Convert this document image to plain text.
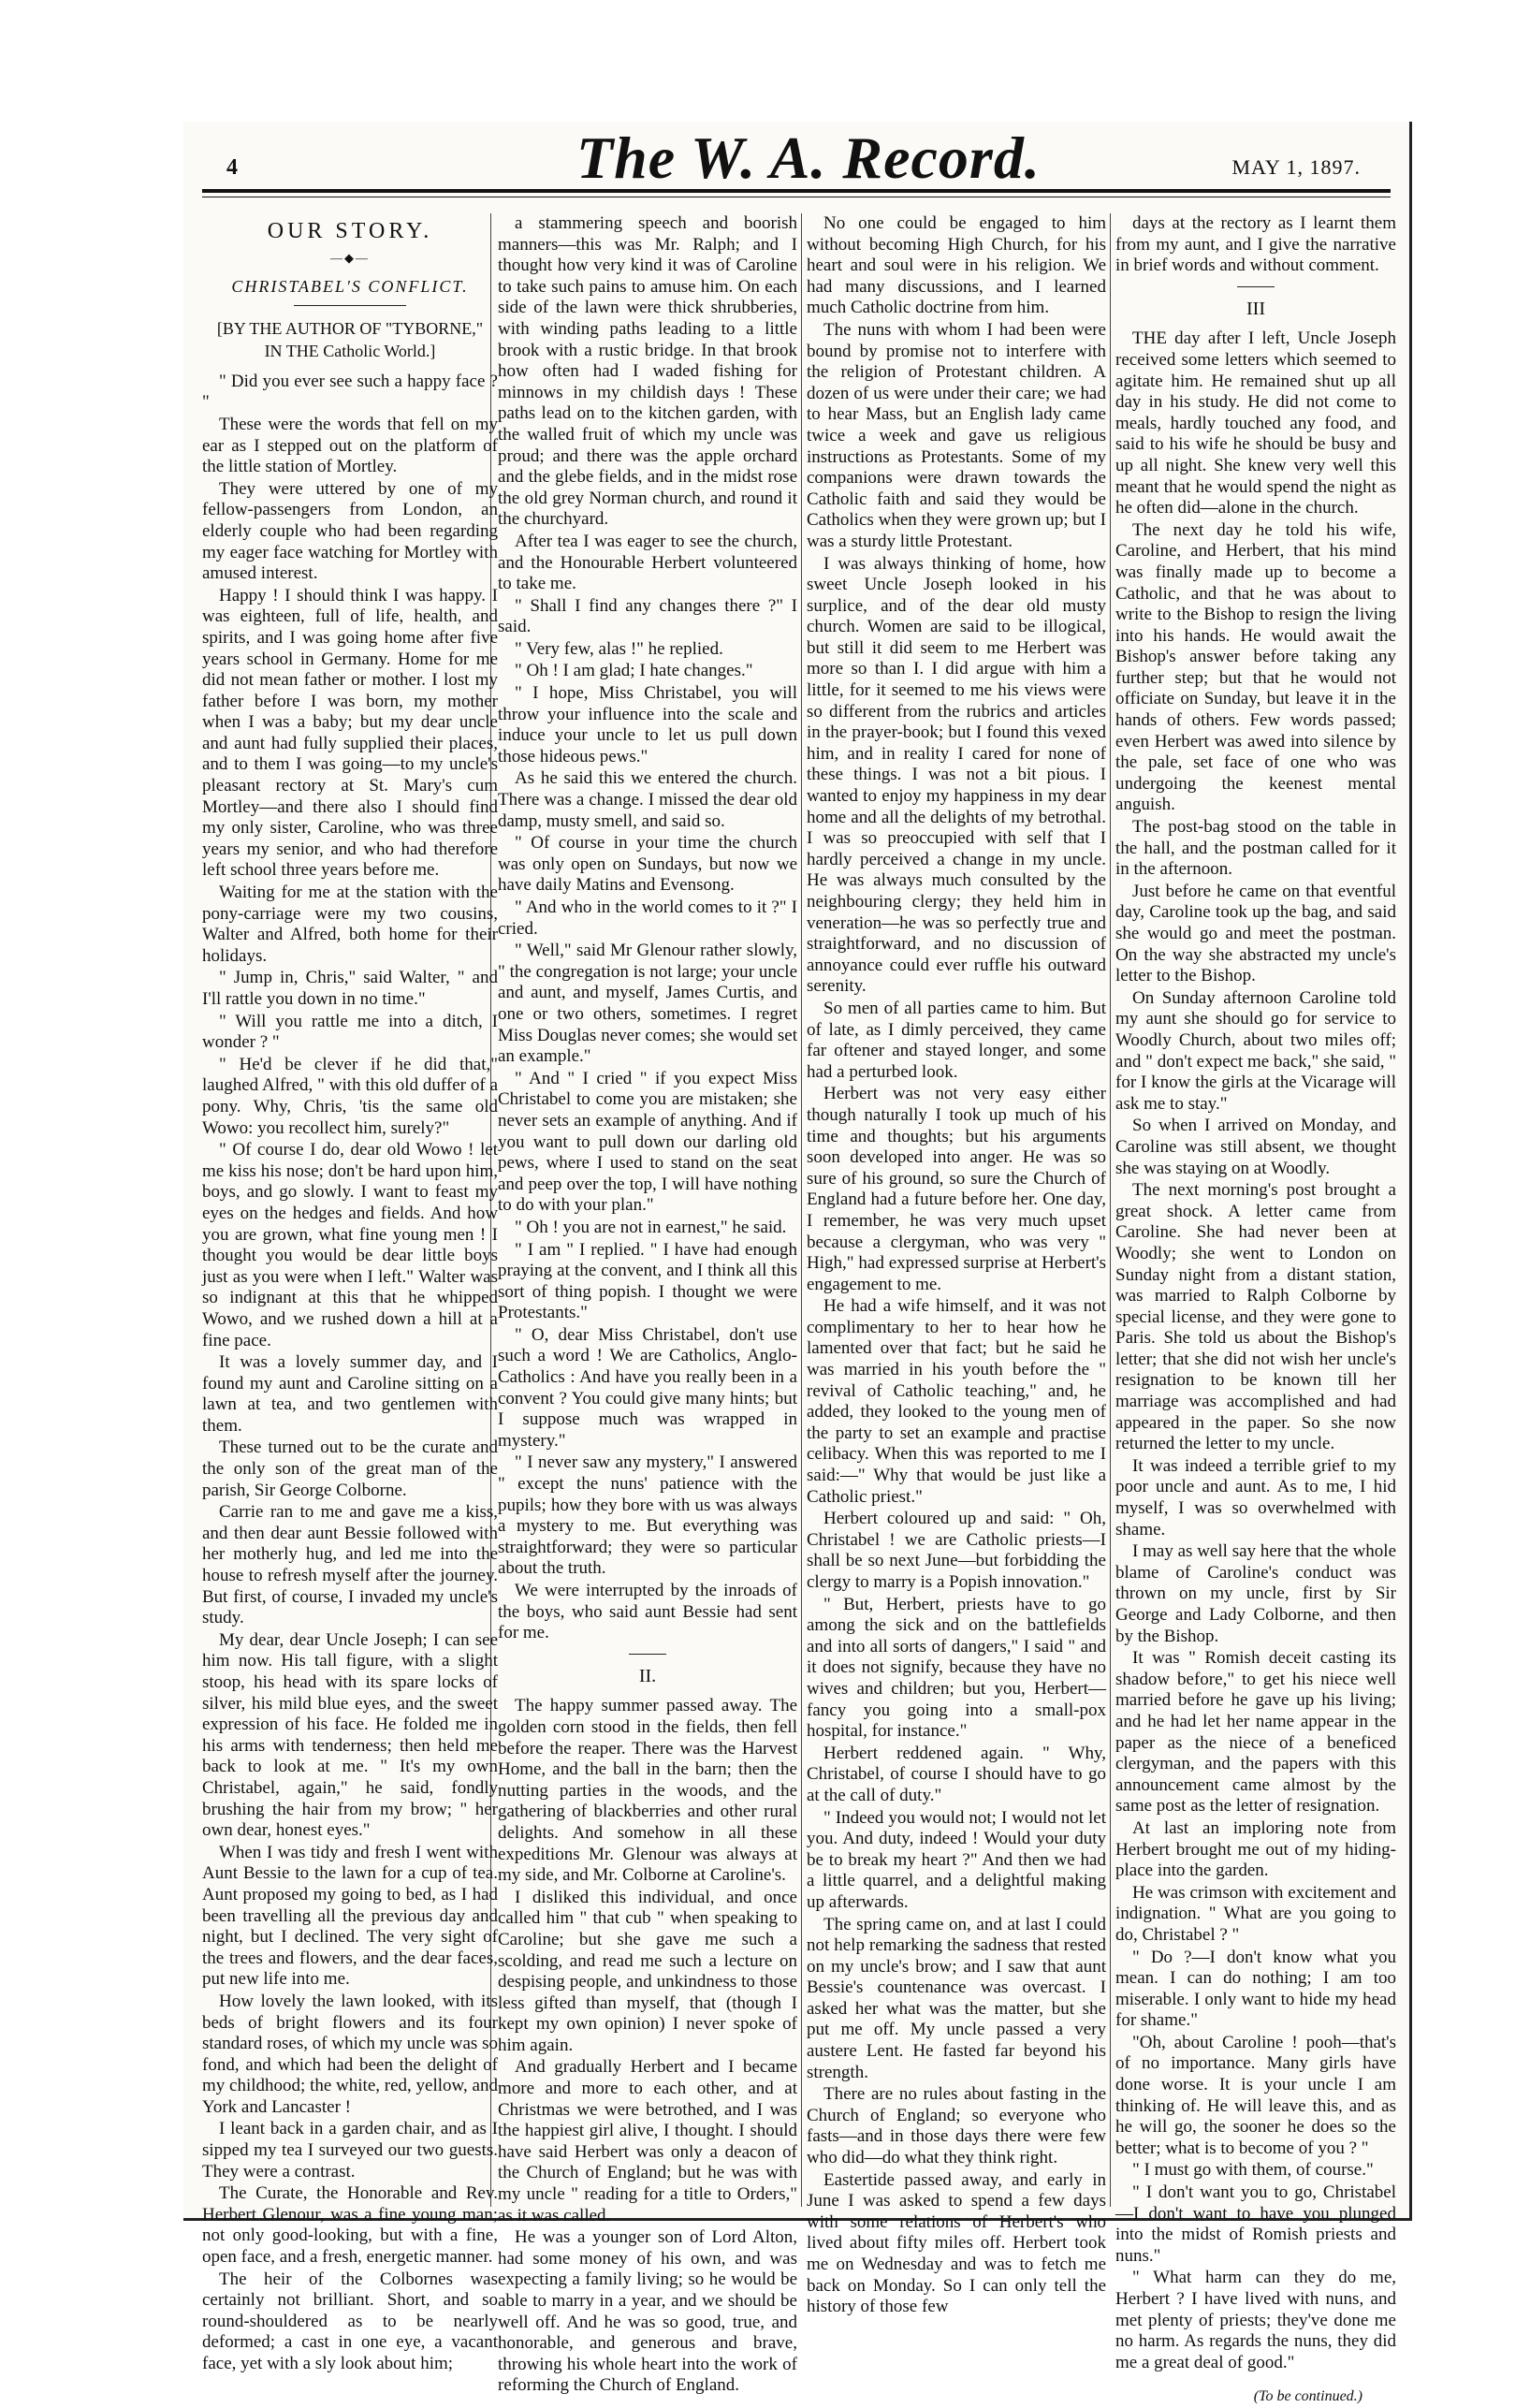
4	The W. A. Record.	MAY 1, 1897.
OUR STORY.
—◆—
CHRISTABEL'S CONFLICT.
[BY THE AUTHOR OF "TYBORNE,"
IN THE Catholic World.]

" Did you ever see such a happy face ? "

These were the words that fell on my ear as I stepped out on the platform of the little station of Mortley.

They were uttered by one of my fellow-passengers from London, an elderly couple who had been regarding my eager face watching for Mortley with amused interest.

Happy ! I should think I was happy. I was eighteen, full of life, health, and spirits, and I was going home after five years school in Germany. Home for me did not mean father or mother. I lost my father before I was born, my mother when I was a baby; but my dear uncle and aunt had fully supplied their places, and to them I was going—to my uncle's pleasant rectory at St. Mary's cum Mortley—and there also I should find my only sister, Caroline, who was three years my senior, and who had therefore left school three years before me.

Waiting for me at the station with the pony-carriage were my two cousins, Walter and Alfred, both home for their holidays.

" Jump in, Chris," said Walter, " and I'll rattle you down in no time."

" Will you rattle me into a ditch, I wonder ? "

" He'd be clever if he did that," laughed Alfred, " with this old duffer of a pony. Why, Chris, 'tis the same old Wowo: you recollect him, surely?"

" Of course I do, dear old Wowo ! let me kiss his nose; don't be hard upon him, boys, and go slowly. I want to feast my eyes on the hedges and fields. And how you are grown, what fine young men ! I thought you would be dear little boys just as you were when I left." Walter was so indignant at this that he whipped Wowo, and we rushed down a hill at a fine pace.

It was a lovely summer day, and I found my aunt and Caroline sitting on a lawn at tea, and two gentlemen with them.

These turned out to be the curate and the only son of the great man of the parish, Sir George Colborne.

Carrie ran to me and gave me a kiss, and then dear aunt Bessie followed with her motherly hug, and led me into the house to refresh myself after the journey. But first, of course, I invaded my uncle's study.

My dear, dear Uncle Joseph; I can see him now. His tall figure, with a slight stoop, his head with its spare locks of silver, his mild blue eyes, and the sweet expression of his face. He folded me in his arms with tenderness; then held me back to look at me. " It's my own Christabel, again," he said, fondly brushing the hair from my brow; " her own dear, honest eyes."

When I was tidy and fresh I went with Aunt Bessie to the lawn for a cup of tea. Aunt proposed my going to bed, as I had been travelling all the previous day and night, but I declined. The very sight of the trees and flowers, and the dear faces, put new life into me.

How lovely the lawn looked, with its beds of bright flowers and its four standard roses, of which my uncle was so fond, and which had been the delight of my childhood; the white, red, yellow, and York and Lancaster !

I leant back in a garden chair, and as I sipped my tea I surveyed our two guests. They were a contrast.

The Curate, the Honorable and Rev. Herbert Glenour, was a fine young man; not only good-looking, but with a fine, open face, and a fresh, energetic manner.

The heir of the Colbornes was certainly not brilliant. Short, and so round-shouldered as to be nearly deformed; a cast in one eye, a vacant face, yet with a sly look about him;

a stammering speech and boorish manners—this was Mr. Ralph; and I thought how very kind it was of Caroline to take such pains to amuse him. On each side of the lawn were thick shrubberies, with winding paths leading to a little brook with a rustic bridge. In that brook how often had I waded fishing for minnows in my childish days ! These paths lead on to the kitchen garden, with the walled fruit of which my uncle was proud; and there was the apple orchard and the glebe fields, and in the midst rose the old grey Norman church, and round it the churchyard.

After tea I was eager to see the church, and the Honourable Herbert volunteered to take me.

" Shall I find any changes there ?" I said.

" Very few, alas !" he replied.

" Oh ! I am glad; I hate changes."

" I hope, Miss Christabel, you will throw your influence into the scale and induce your uncle to let us pull down those hideous pews."

As he said this we entered the church. There was a change. I missed the dear old damp, musty smell, and said so.

" Of course in your time the church was only open on Sundays, but now we have daily Matins and Evensong.

" And who in the world comes to it ?" I cried.

" Well," said Mr Glenour rather slowly, " the congregation is not large; your uncle and aunt, and myself, James Curtis, and one or two others, sometimes. I regret Miss Douglas never comes; she would set an example."

" And " I cried " if you expect Miss Christabel to come you are mistaken; she never sets an example of anything. And if you want to pull down our darling old pews, where I used to stand on the seat and peep over the top, I will have nothing to do with your plan."

" Oh ! you are not in earnest," he said.

" I am " I replied. " I have had enough praying at the convent, and I think all this sort of thing popish. I thought we were Protestants."

" O, dear Miss Christabel, don't use such a word ! We are Catholics, Anglo-Catholics : And have you really been in a convent ? You could give many hints; but I suppose much was wrapped in mystery."

" I never saw any mystery," I answered " except the nuns' patience with the pupils; how they bore with us was always a mystery to me. But everything was straightforward; they were so particular about the truth.

We were interrupted by the inroads of the boys, who said aunt Bessie had sent for me.

II.

The happy summer passed away. The golden corn stood in the fields, then fell before the reaper. There was the Harvest Home, and the ball in the barn; then the nutting parties in the woods, and the gathering of blackberries and other rural delights. And somehow in all these expeditions Mr. Glenour was always at my side, and Mr. Colborne at Caroline's.

I disliked this individual, and once called him " that cub " when speaking to Caroline; but she gave me such a scolding, and read me such a lecture on despising people, and unkindness to those less gifted than myself, that (though I kept my own opinion) I never spoke of him again.

And gradually Herbert and I became more and more to each other, and at Christmas we were betrothed, and I was the happiest girl alive, I thought. I should have said Herbert was only a deacon of the Church of England; but he was with my uncle " reading for a title to Orders," as it was called.

He was a younger son of Lord Alton, had some money of his own, and was expecting a family living; so he would be able to marry in a year, and we should be well off. And he was so good, true, and honorable, and generous and brave, throwing his whole heart into the work of reforming the Church of England.

No one could be engaged to him without becoming High Church, for his heart and soul were in his religion. We had many discussions, and I learned much Catholic doctrine from him.

The nuns with whom I had been were bound by promise not to interfere with the religion of Protestant children. A dozen of us were under their care; we had to hear Mass, but an English lady came twice a week and gave us religious instructions as Protestants. Some of my companions were drawn towards the Catholic faith and said they would be Catholics when they were grown up; but I was a sturdy little Protestant.

I was always thinking of home, how sweet Uncle Joseph looked in his surplice, and of the dear old musty church. Women are said to be illogical, but still it did seem to me Herbert was more so than I. I did argue with him a little, for it seemed to me his views were so different from the rubrics and articles in the prayer-book; but I found this vexed him, and in reality I cared for none of these things. I was not a bit pious. I wanted to enjoy my happiness in my dear home and all the delights of my betrothal. I was so preoccupied with self that I hardly perceived a change in my uncle. He was always much consulted by the neighbouring clergy; they held him in veneration—he was so perfectly true and straightforward, and no discussion of annoyance could ever ruffle his outward serenity.

So men of all parties came to him. But of late, as I dimly perceived, they came far oftener and stayed longer, and some had a perturbed look.

Herbert was not very easy either though naturally I took up much of his time and thoughts; but his arguments soon developed into anger. He was so sure of his ground, so sure the Church of England had a future before her. One day, I remember, he was very much upset because a clergyman, who was very " High," had expressed surprise at Herbert's engagement to me.

He had a wife himself, and it was not complimentary to her to hear how he lamented over that fact; but he said he was married in his youth before the " revival of Catholic teaching," and, he added, they looked to the young men of the party to set an example and practise celibacy. When this was reported to me I said:—" Why that would be just like a Catholic priest."

Herbert coloured up and said: " Oh, Christabel ! we are Catholic priests—I shall be so next June—but forbidding the clergy to marry is a Popish innovation."

" But, Herbert, priests have to go among the sick and on the battlefields and into all sorts of dangers," I said " and it does not signify, because they have no wives and children; but you, Herbert—fancy you going into a small-pox hospital, for instance."

Herbert reddened again. " Why, Christabel, of course I should have to go at the call of duty."

" Indeed you would not; I would not let you. And duty, indeed ! Would your duty be to break my heart ?" And then we had a little quarrel, and a delightful making up afterwards.

The spring came on, and at last I could not help remarking the sadness that rested on my uncle's brow; and I saw that aunt Bessie's countenance was overcast. I asked her what was the matter, but she put me off. My uncle passed a very austere Lent. He fasted far beyond his strength.

There are no rules about fasting in the Church of England; so everyone who fasts—and in those days there were few who did—do what they think right.

Eastertide passed away, and early in June I was asked to spend a few days with some relations of Herbert's who lived about fifty miles off. Herbert took me on Wednesday and was to fetch me back on Monday. So I can only tell the history of those few

days at the rectory as I learnt them from my aunt, and I give the narrative in brief words and without comment.

III

THE day after I left, Uncle Joseph received some letters which seemed to agitate him. He remained shut up all day in his study. He did not come to meals, hardly touched any food, and said to his wife he should be busy and up all night. She knew very well this meant that he would spend the night as he often did—alone in the church.

The next day he told his wife, Caroline, and Herbert, that his mind was finally made up to become a Catholic, and that he was about to write to the Bishop to resign the living into his hands. He would await the Bishop's answer before taking any further step; but that he would not officiate on Sunday, but leave it in the hands of others. Few words passed; even Herbert was awed into silence by the pale, set face of one who was undergoing the keenest mental anguish.

The post-bag stood on the table in the hall, and the postman called for it in the afternoon.

Just before he came on that eventful day, Caroline took up the bag, and said she would go and meet the postman. On the way she abstracted my uncle's letter to the Bishop.

On Sunday afternoon Caroline told my aunt she should go for service to Woodly Church, about two miles off; and " don't expect me back," she said, " for I know the girls at the Vicarage will ask me to stay."

So when I arrived on Monday, and Caroline was still absent, we thought she was staying on at Woodly.

The next morning's post brought a great shock. A letter came from Caroline. She had never been at Woodly; she went to London on Sunday night from a distant station, was married to Ralph Colborne by special license, and they were gone to Paris. She told us about the Bishop's letter; that she did not wish her uncle's resignation to be known till her marriage was accomplished and had appeared in the paper. So she now returned the letter to my uncle.

It was indeed a terrible grief to my poor uncle and aunt. As to me, I hid myself, I was so overwhelmed with shame.

I may as well say here that the whole blame of Caroline's conduct was thrown on my uncle, first by Sir George and Lady Colborne, and then by the Bishop.

It was " Romish deceit casting its shadow before," to get his niece well married before he gave up his living; and he had let her name appear in the paper as the niece of a beneficed clergyman, and the papers with this announcement came almost by the same post as the letter of resignation.

At last an imploring note from Herbert brought me out of my hiding-place into the garden.

He was crimson with excitement and indignation. " What are you going to do, Christabel ? "

" Do ?—I don't know what you mean. I can do nothing; I am too miserable. I only want to hide my head for shame."

"Oh, about Caroline ! pooh—that's of no importance. Many girls have done worse. It is your uncle I am thinking of. He will leave this, and as he will go, the sooner he does so the better; what is to become of you ? "

" I must go with them, of course."

" I don't want you to go, Christabel—I don't want to have you plunged into the midst of Romish priests and nuns."

" What harm can they do me, Herbert ? I have lived with nuns, and met plenty of priests; they've done me no harm. As regards the nuns, they did me a great deal of good."

(To be continued.)
